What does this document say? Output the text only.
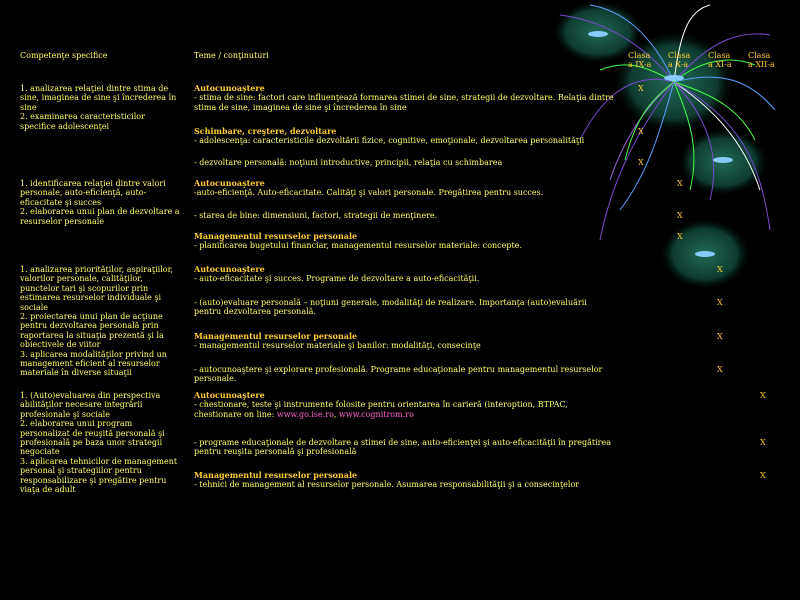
Competenţe specifice	Teme / conţinuturi	Clasa
a IX-a
Clasa
a X-a
Clasa
a XI-a
Clasa
a XII-a
1. analizarea relaţiei dintre stima de sine, imaginea de sine şi încrederea în sine
2. examinarea caracteristicilor specifice adolescenţei
1. identificarea relaţiei dintre valori personale, auto-eficienţă, auto-eficacitate şi succes
2. elaborarea unui plan de dezvoltare a resurselor personale
1. analizarea priorităţilor, aspiraţiilor, valorilor personale, calităţilor, punctelor tari şi scopurilor prin estimarea resurselor individuale şi sociale
2. proiectarea unui plan de acţiune pentru dezvoltarea personală prin raportarea la situaţia prezentă şi la obiectivele de viitor
3. aplicarea modalităţilor privind un management eficient al resurselor materiale în diverse situaţii
1. (Auto)evaluarea din perspectiva abilităţilor necesare integrării profesionale şi sociale
2. elaborarea unui program personalizat de reuşită personală şi profesională pe baza unor strategii negociate
3. aplicarea tehnicilor de management personal şi strategiilor pentru responsabilizare şi pregătire pentru viaţa de adult
Autocunoaştere
- stima de sine: factori care influenţează formarea stimei de sine, strategii de dezvoltare. Relaţia dintre stima de sine, imaginea de sine şi încrederea în sine
Schimbare, creştere, dezvoltare
- adolescenţa: caracteristicile dezvoltării fizice, cognitive, emoţionale, dezvoltarea personalităţii
- dezvoltare personală: noţiuni introductive, principii, relaţia cu schimbarea
Autocunoaştere
-auto-eficienţă. Auto-eficacitate. Calităţi şi valori personale. Pregătirea pentru succes.
- starea de bine: dimensiuni, factori, strategii de menţinere.
Managementul resurselor personale
- planificarea bugetului financiar, managementul resurselor materiale: concepte.
Autocunoaştere
- auto-eficacitate şi succes. Programe de dezvoltare a auto-eficacităţii.
- (auto)evaluare personală – noţiuni generale, modalităţi de realizare. Importanţa (auto)evaluării pentru dezvoltarea personală.
Managementul resurselor personale
- managementul resurselor materiale şi banilor: modalităţi, consecinţe
- autocunoaştere şi explorare profesională. Programe educaţionale pentru managementul resurselor personale.
Autocunoaştere
- chestionare, teste şi instrumente folosite pentru orientarea în carieră (interoption, BTPAC, chestionare on line: www.go.ise.ro, www.cognitrom.ro
- programe educaţionale de dezvoltare a stimei de sine, auto-eficienţei şi auto-eficacităţii în pregătirea pentru reuşita personală şi profesională
Managementul resurselor personale
- tehnici de management al resurselor personale. Asumarea responsabilităţii şi a consecinţelor
X
X
X
X
X
X
X
X
X
X
X
X
X
